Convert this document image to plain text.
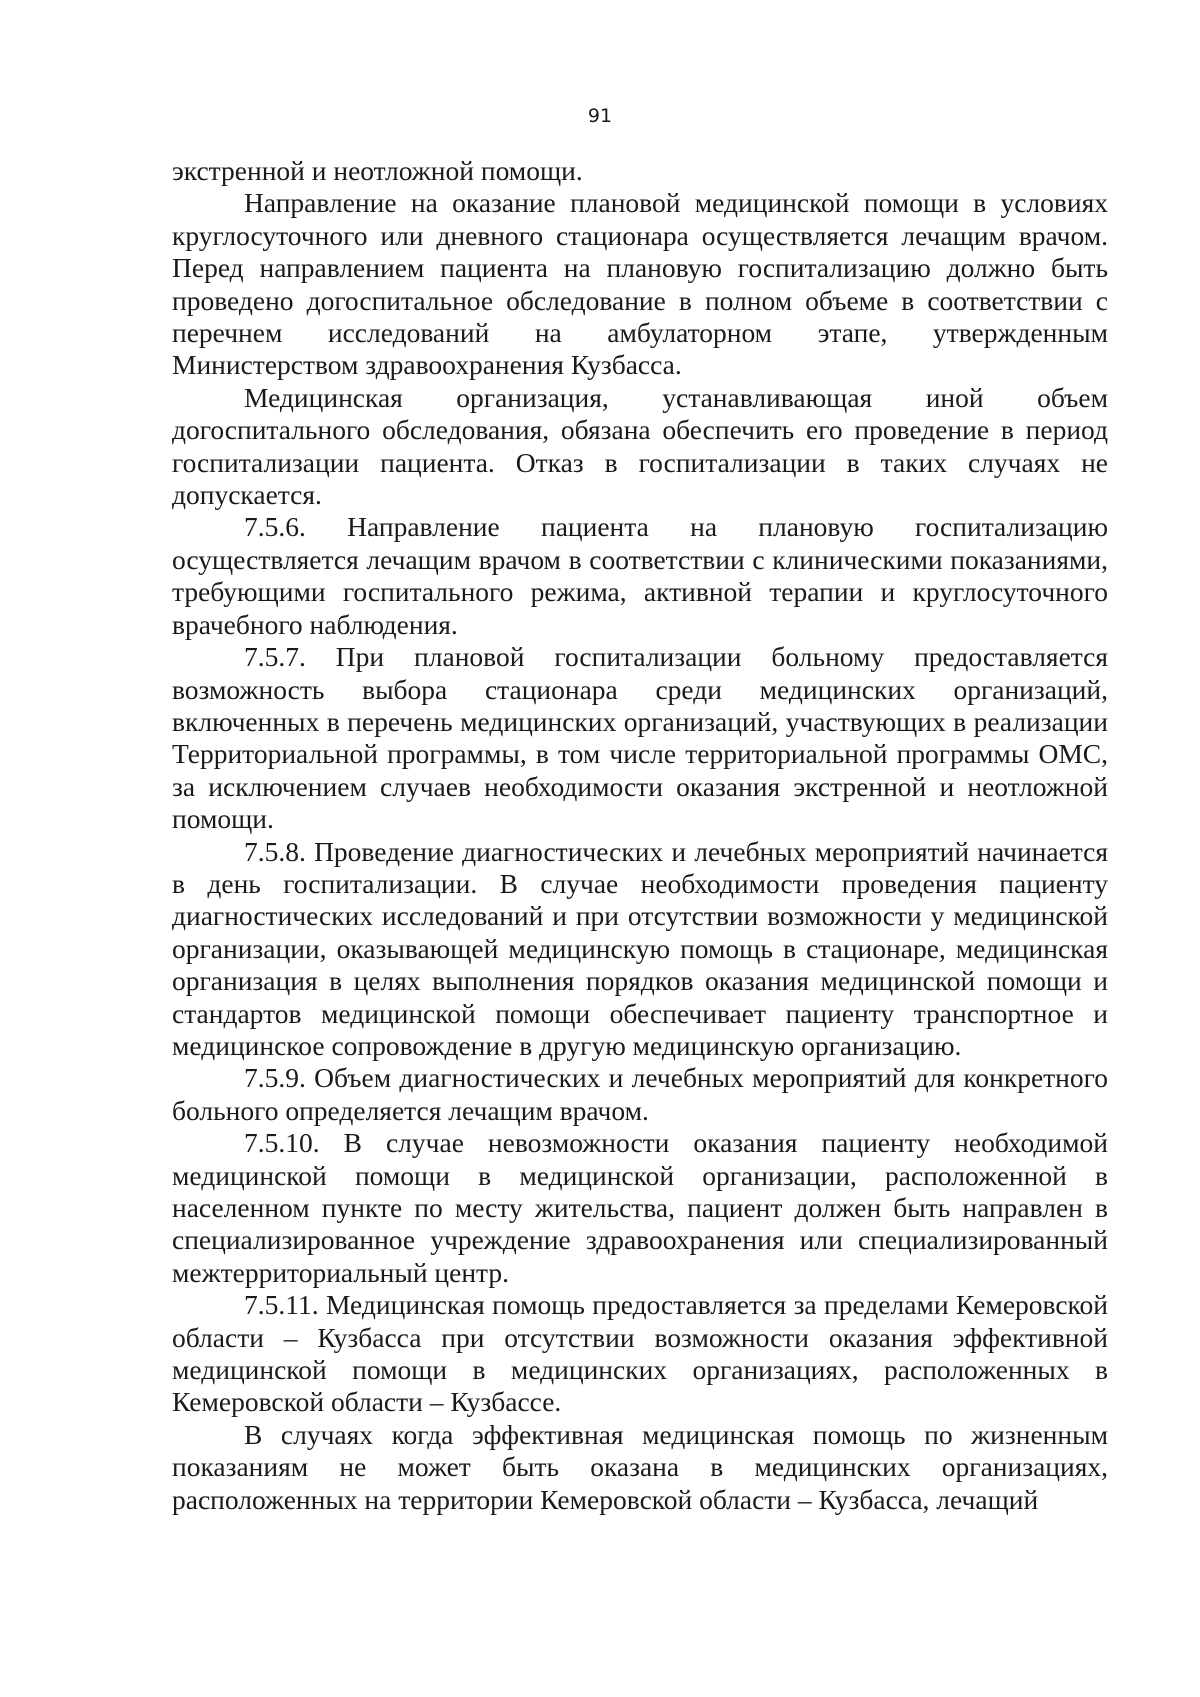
91

экстренной и неотложной помощи.

Направление на оказание плановой медицинской помощи в условиях круглосуточного или дневного стационара осуществляется лечащим врачом. Перед направлением пациента на плановую госпитализацию должно быть проведено догоспитальное обследование в полном объеме в соответствии с перечнем исследований на амбулаторном этапе, утвержденным Министерством здравоохранения Кузбасса.

Медицинская организация, устанавливающая иной объем догоспитального обследования, обязана обеспечить его проведение в период госпитализации пациента. Отказ в госпитализации в таких случаях не допускается.

7.5.6. Направление пациента на плановую госпитализацию осуществляется лечащим врачом в соответствии с клиническими показаниями, требующими госпитального режима, активной терапии и круглосуточного врачебного наблюдения.

7.5.7. При плановой госпитализации больному предоставляется возможность выбора стационара среди медицинских организаций, включенных в перечень медицинских организаций, участвующих в реализации Территориальной программы, в том числе территориальной программы ОМС, за исключением случаев необходимости оказания экстренной и неотложной помощи.

7.5.8. Проведение диагностических и лечебных мероприятий начинается в день госпитализации. В случае необходимости проведения пациенту диагностических исследований и при отсутствии возможности у медицинской организации, оказывающей медицинскую помощь в стационаре, медицинская организация в целях выполнения порядков оказания медицинской помощи и стандартов медицинской помощи обеспечивает пациенту транспортное и медицинское сопровождение в другую медицинскую организацию.

7.5.9. Объем диагностических и лечебных мероприятий для конкретного больного определяется лечащим врачом.

7.5.10. В случае невозможности оказания пациенту необходимой медицинской помощи в медицинской организации, расположенной в населенном пункте по месту жительства, пациент должен быть направлен в специализированное учреждение здравоохранения или специализированный межтерриториальный центр.

7.5.11. Медицинская помощь предоставляется за пределами Кемеровской области – Кузбасса при отсутствии возможности оказания эффективной медицинской помощи в медицинских организациях, расположенных в Кемеровской области – Кузбассе.

В случаях когда эффективная медицинская помощь по жизненным показаниям не может быть оказана в медицинских организациях, расположенных на территории Кемеровской области – Кузбасса, лечащий
